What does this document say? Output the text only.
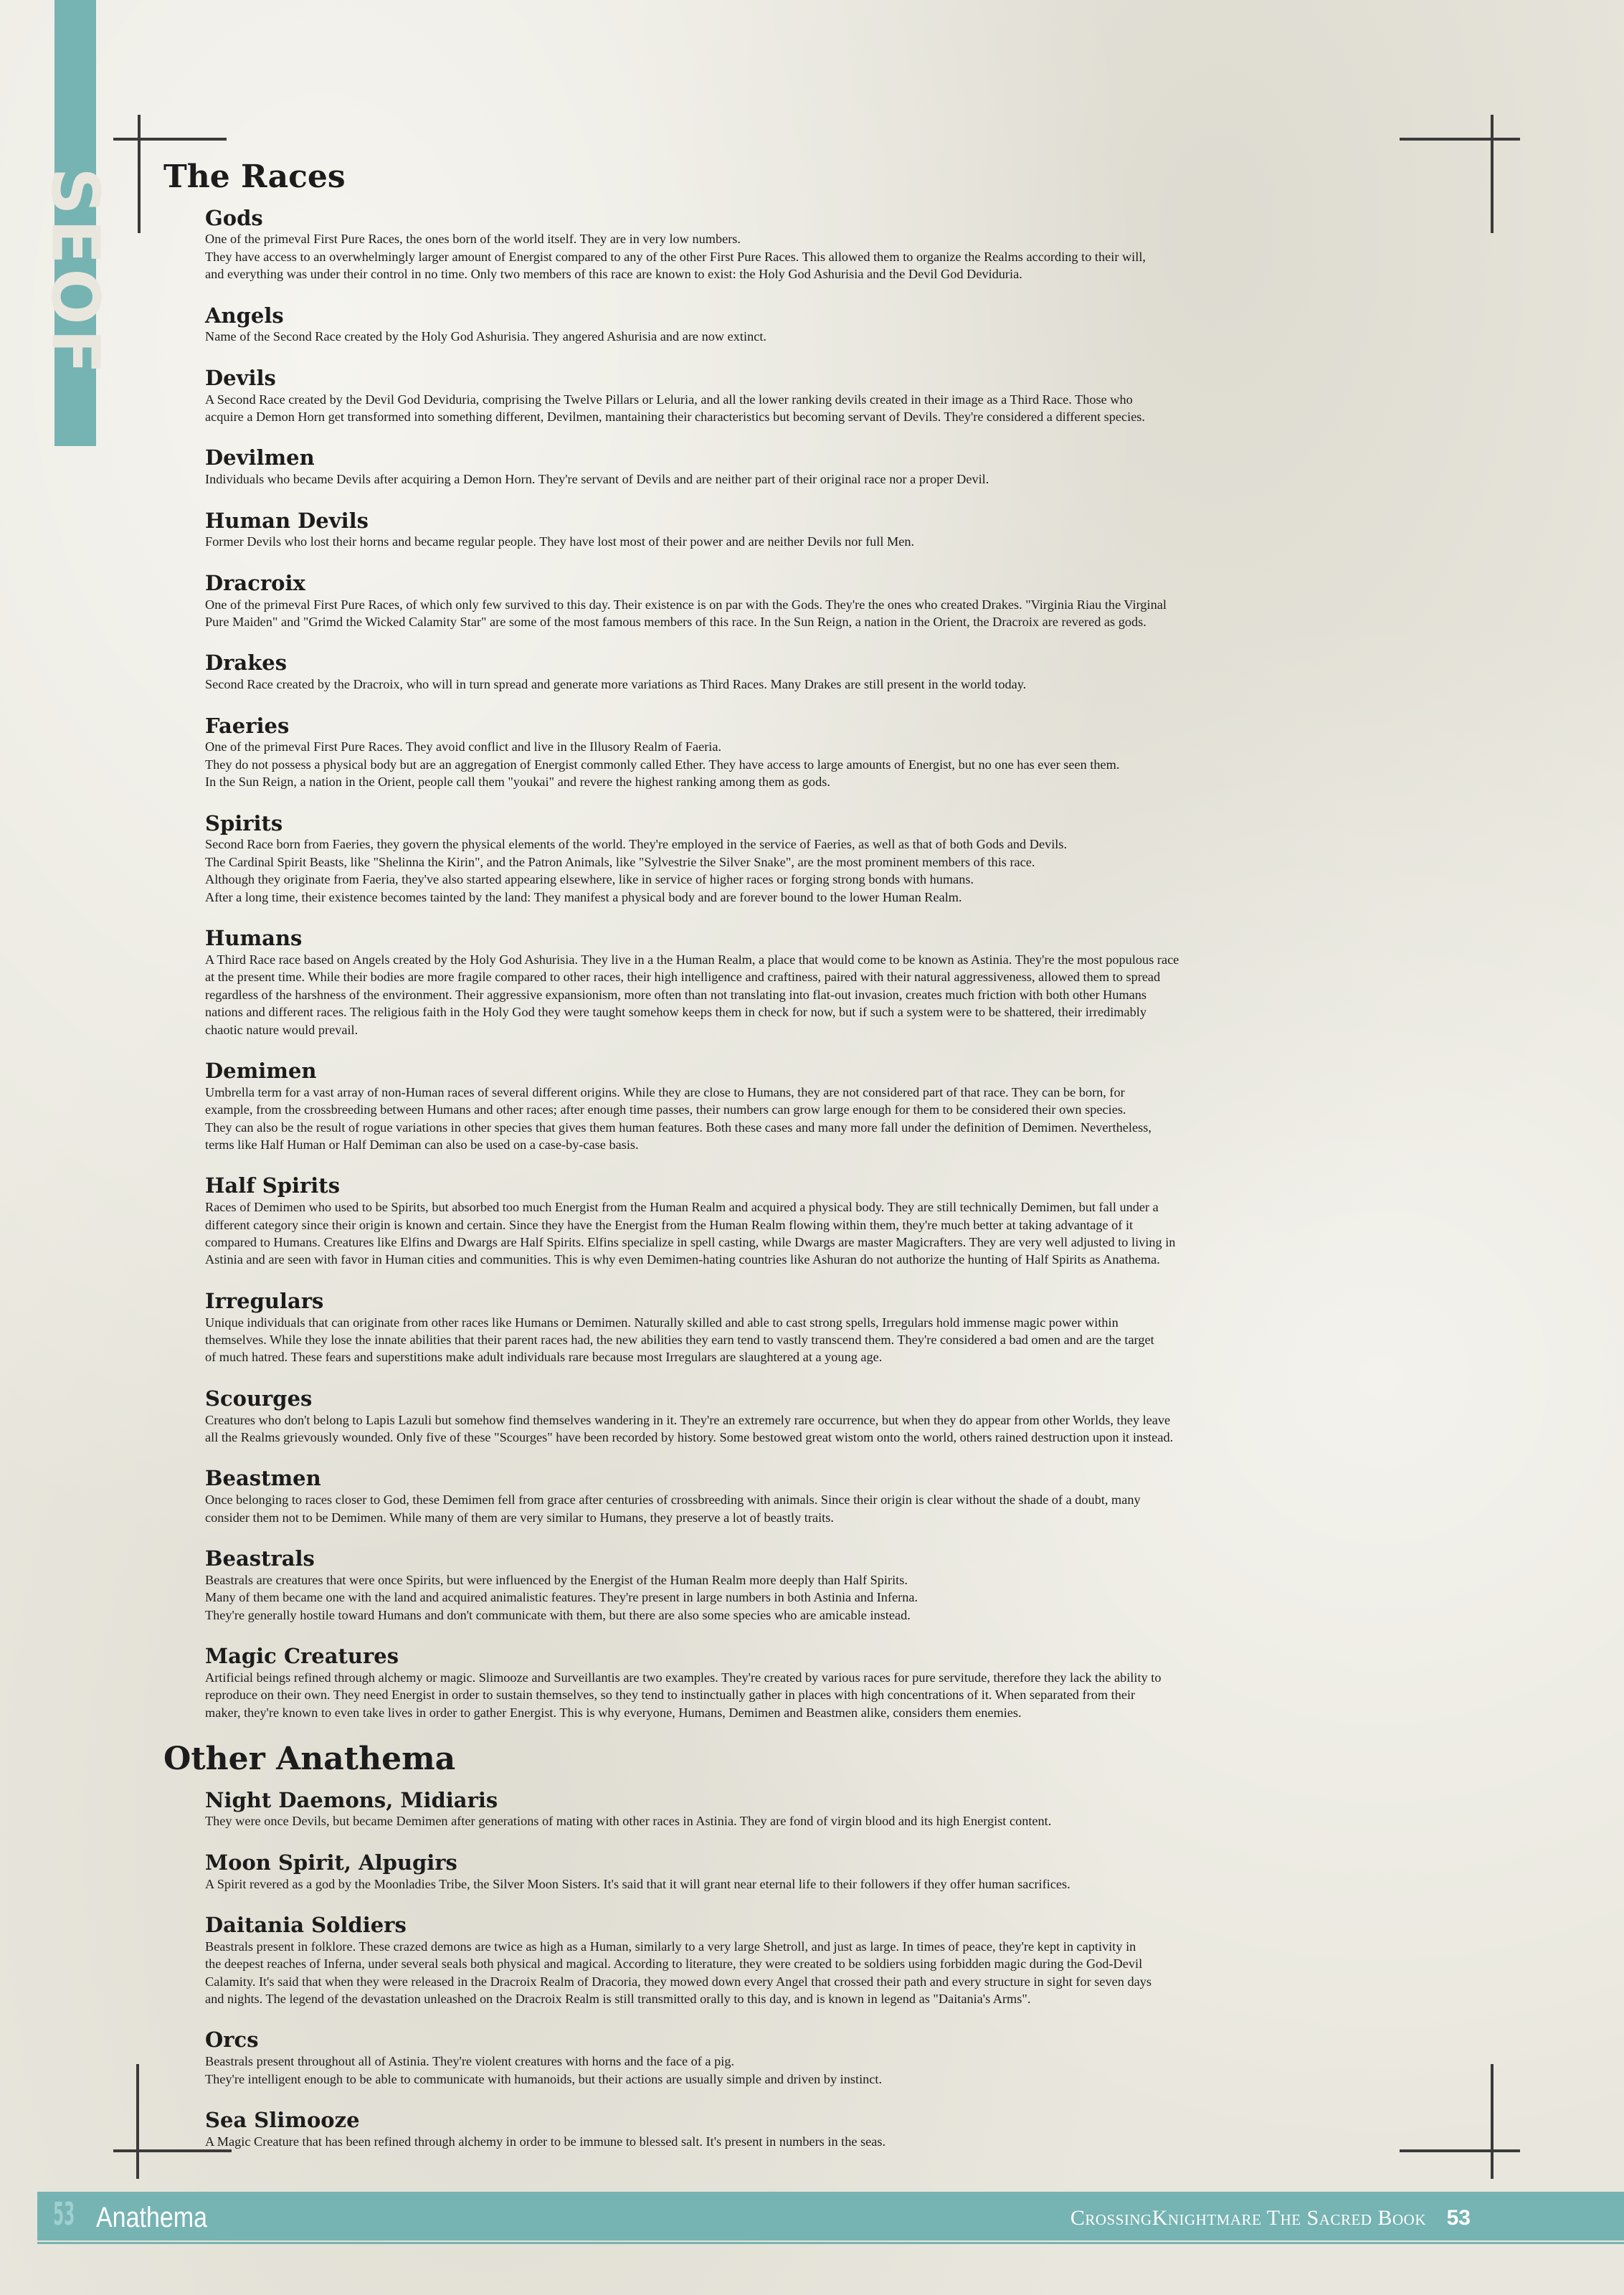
SEOF The Races
Gods

One of the primeval First Pure Races, the ones born of the world itself. They are in very low numbers.
They have access to an overwhelmingly larger amount of Energist compared to any of the other First Pure Races. This allowed them to organize the Realms according to their will,
and everything was under their control in no time. Only two members of this race are known to exist: the Holy God Ashurisia and the Devil God Deviduria.

Angels

Name of the Second Race created by the Holy God Ashurisia. They angered Ashurisia and are now extinct.

Devils

A Second Race created by the Devil God Deviduria, comprising the Twelve Pillars or Leluria, and all the lower ranking devils created in their image as a Third Race. Those who
acquire a Demon Horn get transformed into something different, Devilmen, mantaining their characteristics but becoming servant of Devils. They're considered a different species.

Devilmen

Individuals who became Devils after acquiring a Demon Horn. They're servant of Devils and are neither part of their original race nor a proper Devil.

Human Devils

Former Devils who lost their horns and became regular people. They have lost most of their power and are neither Devils nor full Men.

Dracroix

One of the primeval First Pure Races, of which only few survived to this day. Their existence is on par with the Gods. They're the ones who created Drakes. "Virginia Riau the Virginal
Pure Maiden" and "Grimd the Wicked Calamity Star" are some of the most famous members of this race. In the Sun Reign, a nation in the Orient, the Dracroix are revered as gods.

Drakes

Second Race created by the Dracroix, who will in turn spread and generate more variations as Third Races. Many Drakes are still present in the world today.

Faeries

One of the primeval First Pure Races. They avoid conflict and live in the Illusory Realm of Faeria.
They do not possess a physical body but are an aggregation of Energist commonly called Ether. They have access to large amounts of Energist, but no one has ever seen them.
In the Sun Reign, a nation in the Orient, people call them "youkai" and revere the highest ranking among them as gods.

Spirits

Second Race born from Faeries, they govern the physical elements of the world. They're employed in the service of Faeries, as well as that of both Gods and Devils.
The Cardinal Spirit Beasts, like "Shelinna the Kirin", and the Patron Animals, like "Sylvestrie the Silver Snake", are the most prominent members of this race.
Although they originate from Faeria, they've also started appearing elsewhere, like in service of higher races or forging strong bonds with humans.
After a long time, their existence becomes tainted by the land: They manifest a physical body and are forever bound to the lower Human Realm.

Humans

A Third Race race based on Angels created by the Holy God Ashurisia. They live in a the Human Realm, a place that would come to be known as Astinia. They're the most populous race
at the present time. While their bodies are more fragile compared to other races, their high intelligence and craftiness, paired with their natural aggressiveness, allowed them to spread
regardless of the harshness of the environment. Their aggressive expansionism, more often than not translating into flat-out invasion, creates much friction with both other Humans
nations and different races. The religious faith in the Holy God they were taught somehow keeps them in check for now, but if such a system were to be shattered, their irredimably
chaotic nature would prevail.

Demimen

Umbrella term for a vast array of non-Human races of several different origins. While they are close to Humans, they are not considered part of that race. They can be born, for
example, from the crossbreeding between Humans and other races; after enough time passes, their numbers can grow large enough for them to be considered their own species.
They can also be the result of rogue variations in other species that gives them human features. Both these cases and many more fall under the definition of Demimen. Nevertheless,
terms like Half Human or Half Demiman can also be used on a case-by-case basis.

Half Spirits

Races of Demimen who used to be Spirits, but absorbed too much Energist from the Human Realm and acquired a physical body. They are still technically Demimen, but fall under a
different category since their origin is known and certain. Since they have the Energist from the Human Realm flowing within them, they're much better at taking advantage of it
compared to Humans. Creatures like Elfins and Dwargs are Half Spirits. Elfins specialize in spell casting, while Dwargs are master Magicrafters. They are very well adjusted to living in
Astinia and are seen with favor in Human cities and communities. This is why even Demimen-hating countries like Ashuran do not authorize the hunting of Half Spirits as Anathema.

Irregulars

Unique individuals that can originate from other races like Humans or Demimen. Naturally skilled and able to cast strong spells, Irregulars hold immense magic power within
themselves. While they lose the innate abilities that their parent races had, the new abilities they earn tend to vastly transcend them. They're considered a bad omen and are the target
of much hatred. These fears and superstitions make adult individuals rare because most Irregulars are slaughtered at a young age.

Scourges

Creatures who don't belong to Lapis Lazuli but somehow find themselves wandering in it. They're an extremely rare occurrence, but when they do appear from other Worlds, they leave
all the Realms grievously wounded. Only five of these "Scourges" have been recorded by history. Some bestowed great wistom onto the world, others rained destruction upon it instead.

Beastmen

Once belonging to races closer to God, these Demimen fell from grace after centuries of crossbreeding with animals. Since their origin is clear without the shade of a doubt, many
consider them not to be Demimen. While many of them are very similar to Humans, they preserve a lot of beastly traits.

Beastrals

Beastrals are creatures that were once Spirits, but were influenced by the Energist of the Human Realm more deeply than Half Spirits.
Many of them became one with the land and acquired animalistic features. They're present in large numbers in both Astinia and Inferna.
They're generally hostile toward Humans and don't communicate with them, but there are also some species who are amicable instead.

Magic Creatures

Artificial beings refined through alchemy or magic. Slimooze and Surveillantis are two examples. They're created by various races for pure servitude, therefore they lack the ability to
reproduce on their own. They need Energist in order to sustain themselves, so they tend to instinctually gather in places with high concentrations of it. When separated from their
maker, they're known to even take lives in order to gather Energist. This is why everyone, Humans, Demimen and Beastmen alike, considers them enemies.

Other Anathema
Night Daemons, Midiaris

They were once Devils, but became Demimen after generations of mating with other races in Astinia. They are fond of virgin blood and its high Energist content.

Moon Spirit, Alpugirs

A Spirit revered as a god by the Moonladies Tribe, the Silver Moon Sisters. It's said that it will grant near eternal life to their followers if they offer human sacrifices.

Daitania Soldiers

Beastrals present in folklore. These crazed demons are twice as high as a Human, similarly to a very large Shetroll, and just as large. In times of peace, they're kept in captivity in
the deepest reaches of Inferna, under several seals both physical and magical. According to literature, they were created to be soldiers using forbidden magic during the God-Devil
Calamity. It's said that when they were released in the Dracroix Realm of Dracoria, they mowed down every Angel that crossed their path and every structure in sight for seven days
and nights. The legend of the devastation unleashed on the Dracroix Realm is still transmitted orally to this day, and is known in legend as "Daitania's Arms".

Orcs

Beastrals present throughout all of Astinia. They're violent creatures with horns and the face of a pig.
They're intelligent enough to be able to communicate with humanoids, but their actions are usually simple and driven by instinct.

Sea Slimooze

A Magic Creature that has been refined through alchemy in order to be immune to blessed salt. It's present in numbers in the seas.

53 Anathema	CrossingKnightmare The Sacred Book 53
